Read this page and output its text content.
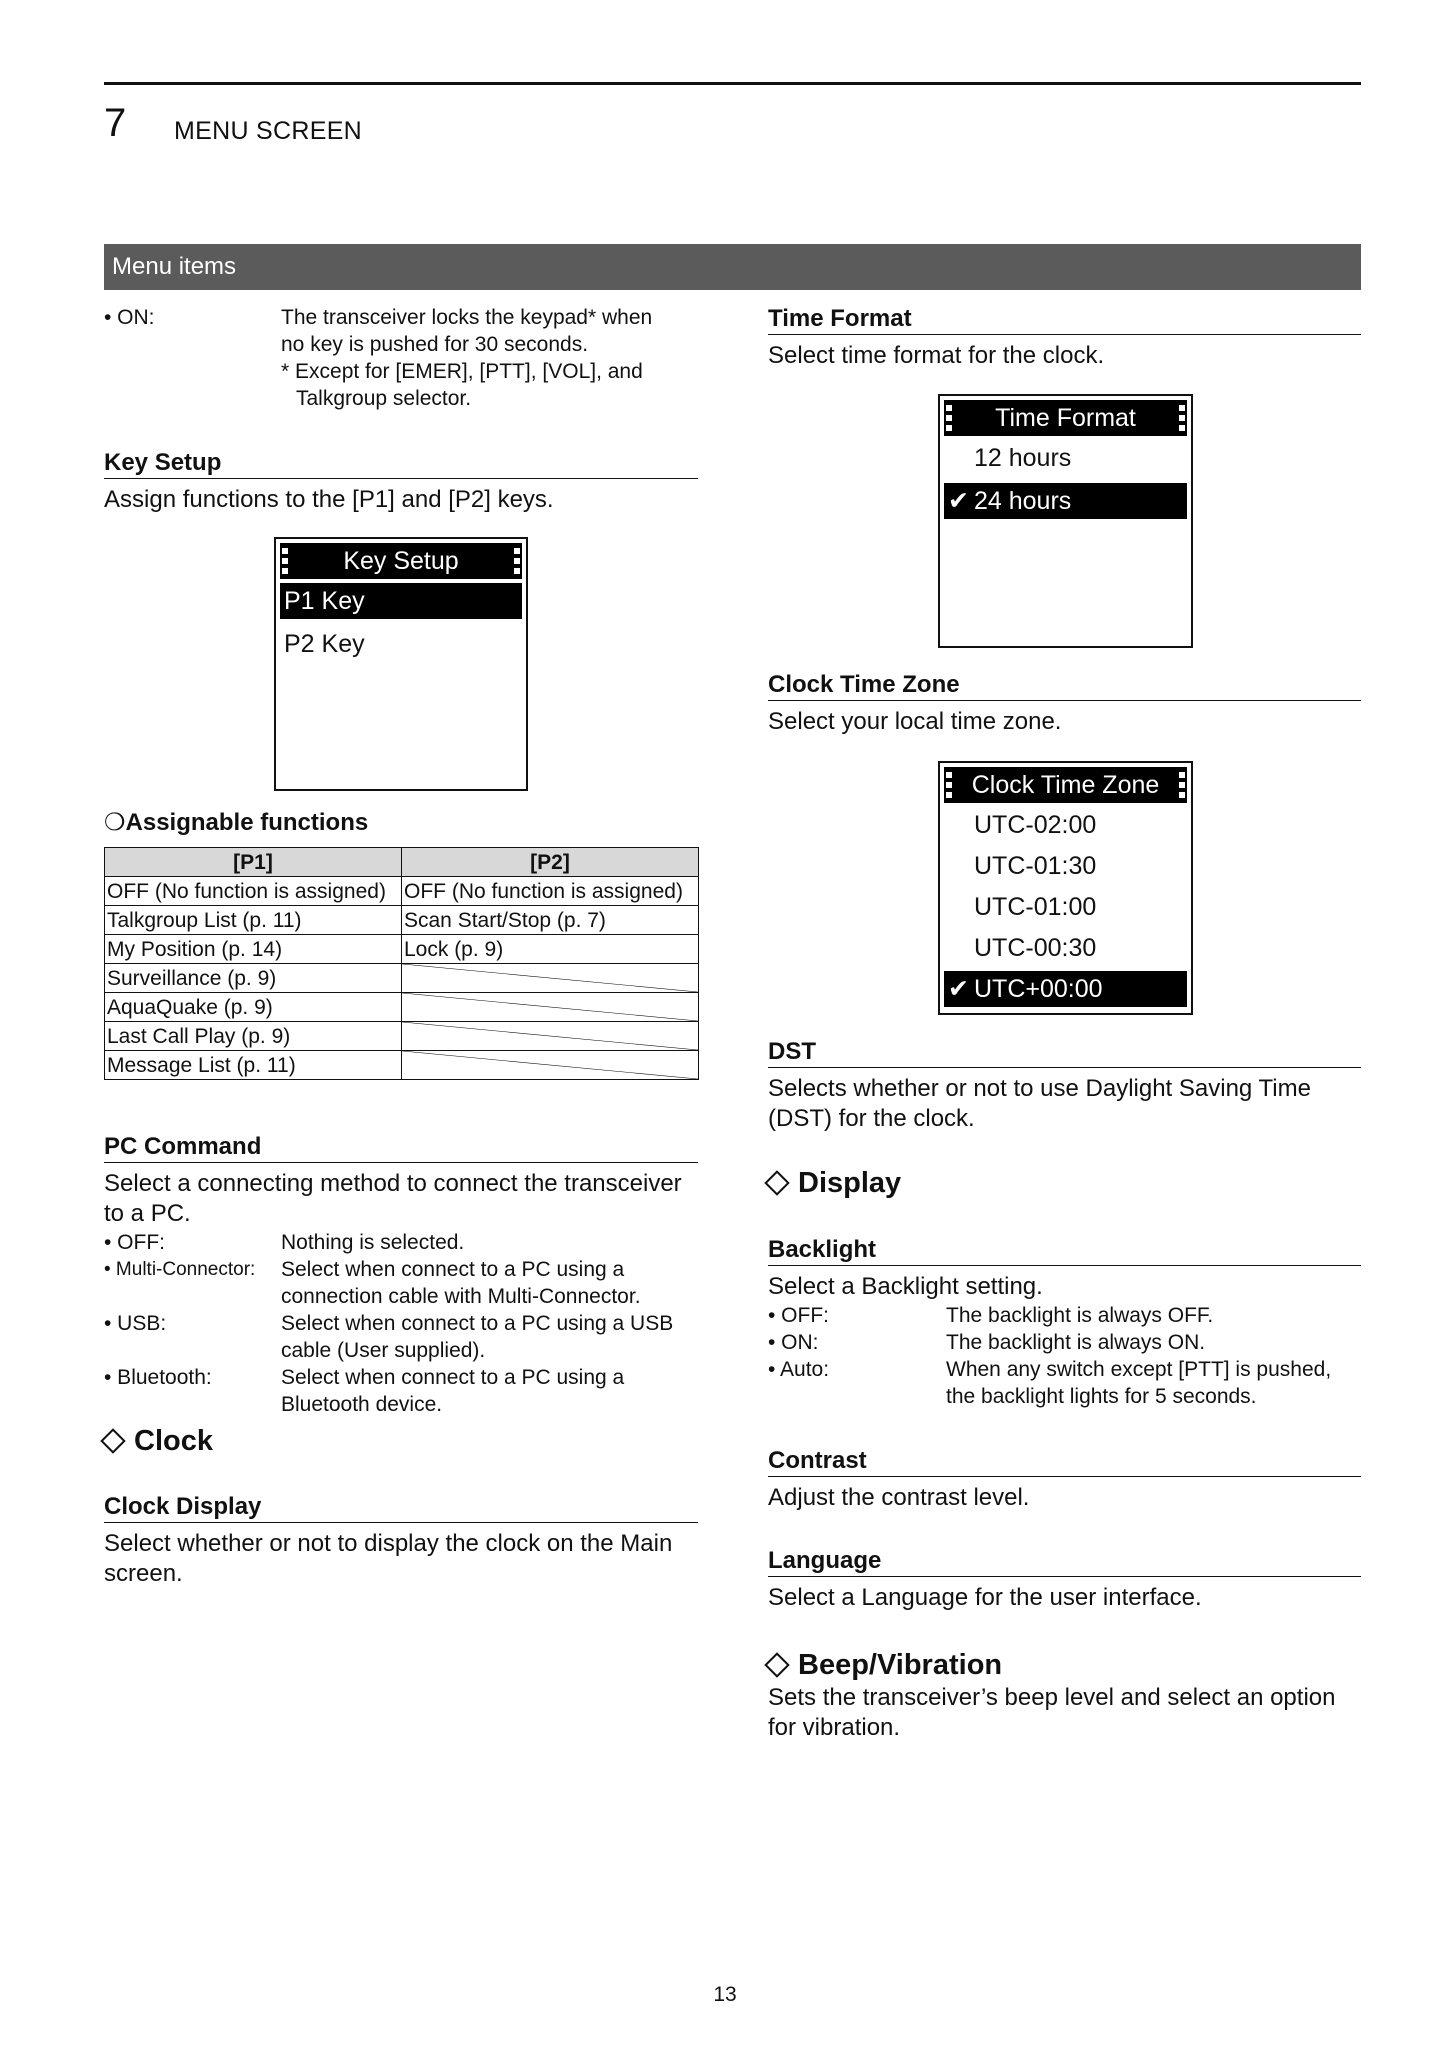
7 MENU SCREEN
Menu items
• ON:	The transceiver locks the keypad* when
no key is pushed for 30 seconds.
* Except for [EMER], [PTT], [VOL], and
Talkgroup selector.
Key Setup
Assign functions to the [P1] and [P2] keys.
Key Setup
P1 Key
P2 Key
❍Assignable functions
[P1]	[P2]
OFF (No function is assigned)	OFF (No function is assigned)
Talkgroup List (p. 11)	Scan Start/Stop (p. 7)
My Position (p. 14)	Lock (p. 9)
Surveillance (p. 9)	

AquaQuake (p. 9)	

Last Call Play (p. 9)	

Message List (p. 11)	
PC Command
Select a connecting method to connect the transceiver
to a PC.
• OFF:	Nothing is selected.
• Multi-Connector: Select when connect to a PC using a
connection cable with Multi-Connector.
• USB:	Select when connect to a PC using a USB
cable (User supplied).
• Bluetooth:	Select when connect to a PC using a
Bluetooth device.
Clock
Clock Display
Select whether or not to display the clock on the Main
screen.
Time Format
Select time format for the clock.
Time Format
12 hours
✔ 24 hours
Clock Time Zone
Select your local time zone.
Clock Time Zone
UTC-02:00
UTC-01:30
UTC-01:00
UTC-00:30
✔ UTC+00:00
DST
Selects whether or not to use Daylight Saving Time
(DST) for the clock.
Display
Backlight
Select a Backlight setting.
• OFF:	The backlight is always OFF.
• ON:	The backlight is always ON.
• Auto:	When any switch except [PTT] is pushed,
the backlight lights for 5 seconds.
Contrast
Adjust the contrast level.
Language
Select a Language for the user interface.
Beep/Vibration
Sets the transceiver’s beep level and select an option
for vibration.
13
